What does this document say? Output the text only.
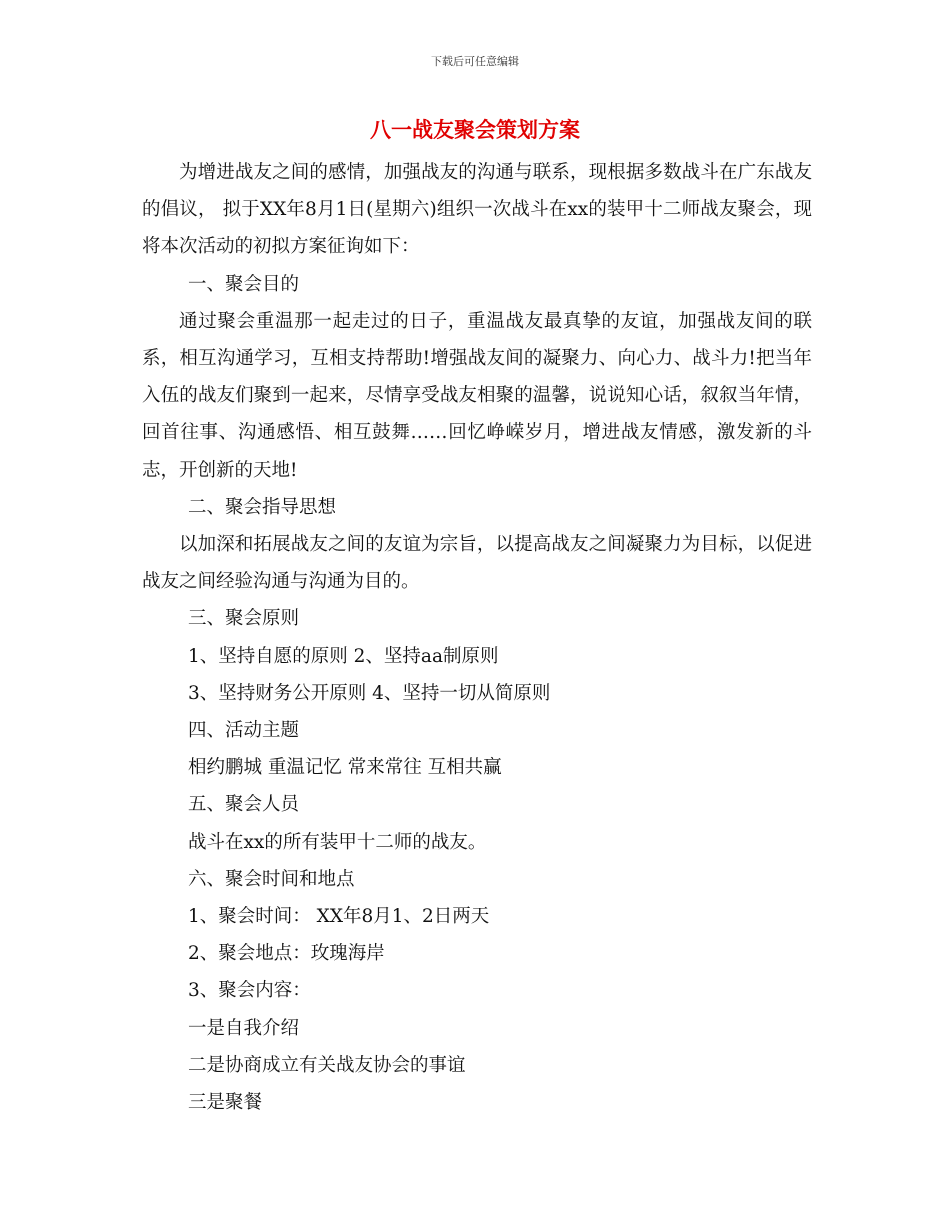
下载后可任意编辑
八一战友聚会策划方案

为增进战友之间的感情，加强战友的沟通与联系，现根据多数战斗在广东战友的倡议， 拟于XX年8月1日(星期六)组织一次战斗在xx的装甲十二师战友聚会，现将本次活动的初拟方案征询如下：

一、聚会目的

通过聚会重温那一起走过的日子，重温战友最真挚的友谊，加强战友间的联系，相互沟通学习，互相支持帮助!增强战友间的凝聚力、向心力、战斗力!把当年入伍的战友们聚到一起来，尽情享受战友相聚的温馨，说说知心话，叙叙当年情，回首往事、沟通感悟、相互鼓舞……回忆峥嵘岁月，增进战友情感，激发新的斗志，开创新的天地!

二、聚会指导思想

以加深和拓展战友之间的友谊为宗旨，以提高战友之间凝聚力为目标，以促进战友之间经验沟通与沟通为目的。

三、聚会原则

1、坚持自愿的原则 2、坚持aa制原则

3、坚持财务公开原则 4、坚持一切从简原则

四、活动主题

相约鹏城 重温记忆 常来常往 互相共赢

五、聚会人员

战斗在xx的所有装甲十二师的战友。

六、聚会时间和地点

1、聚会时间： XX年8月1、2日两天

2、聚会地点：玫瑰海岸

3、聚会内容：

一是自我介绍

二是协商成立有关战友协会的事谊

三是聚餐
